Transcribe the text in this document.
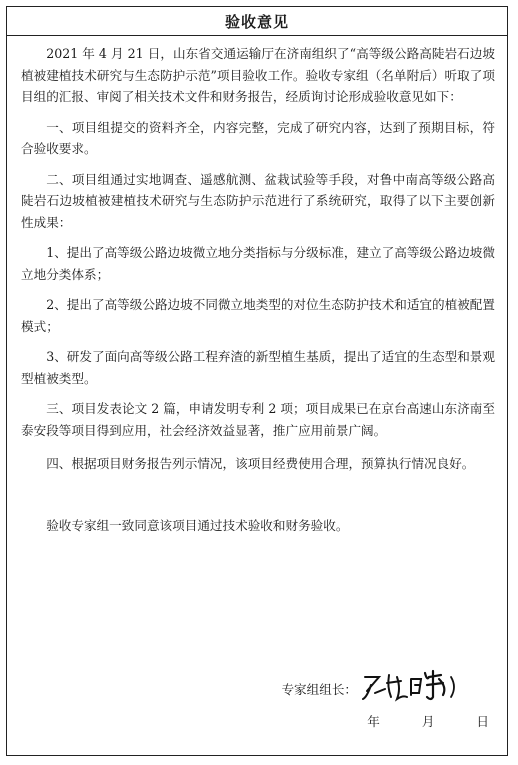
验收意见

2021 年 4 月 21 日，山东省交通运输厅在济南组织了“高等级公路高陡岩石边坡植被建植技术研究与生态防护示范”项目验收工作。验收专家组（名单附后）听取了项目组的汇报、审阅了相关技术文件和财务报告，经质询讨论形成验收意见如下：

一、项目组提交的资料齐全，内容完整，完成了研究内容，达到了预期目标，符合验收要求。

二、项目组通过实地调查、遥感航测、盆栽试验等手段，对鲁中南高等级公路高陡岩石边坡植被建植技术研究与生态防护示范进行了系统研究，取得了以下主要创新性成果：

1、提出了高等级公路边坡微立地分类指标与分级标准，建立了高等级公路边坡微立地分类体系；

2、提出了高等级公路边坡不同微立地类型的对位生态防护技术和适宜的植被配置模式；

3、研发了面向高等级公路工程弃渣的新型植生基质，提出了适宜的生态型和景观型植被类型。

三、项目发表论文 2 篇，申请发明专利 2 项；项目成果已在京台高速山东济南至泰安段等项目得到应用，社会经济效益显著，推广应用前景广阔。

四、根据项目财务报告列示情况，该项目经费使用合理，预算执行情况良好。

验收专家组一致同意该项目通过技术验收和财务验收。

专家组组长：
年	月	日
